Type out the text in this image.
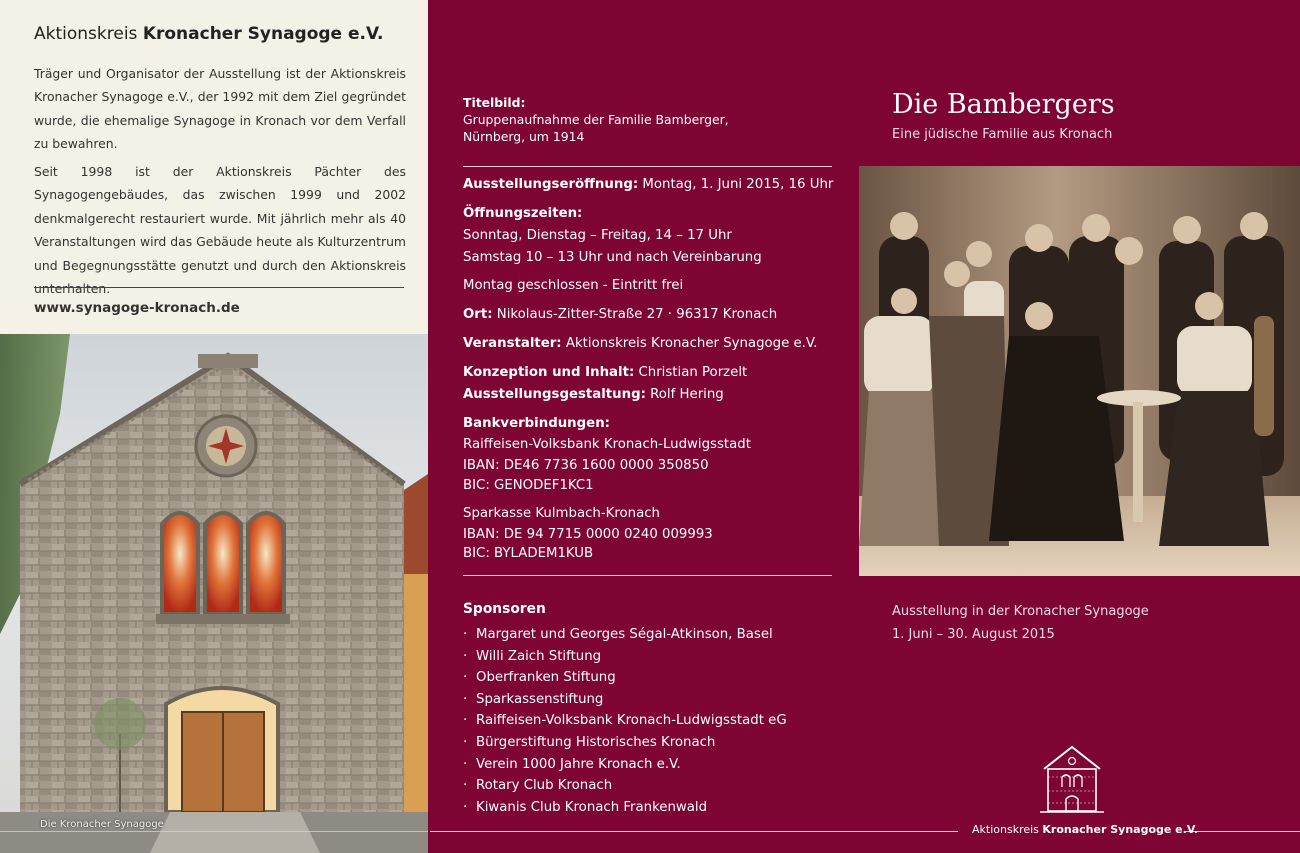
Aktionskreis Kronacher Synagoge e.V.
Träger und Organisator der Ausstellung ist der Aktionskreis Kronacher Synagoge e.V., der 1992 mit dem Ziel gegründet wurde, die ehemalige Synagoge in Kronach vor dem Verfall zu bewahren.
Seit 1998 ist der Aktionskreis Pächter des Synagogengebäudes, das zwischen 1999 und 2002 denkmalgerecht restauriert wurde. Mit jährlich mehr als 40 Veranstaltungen wird das Gebäude heute als Kulturzentrum und Begegnungsstätte genutzt und durch den Aktionskreis unterhalten.
www.synagoge-kronach.de
Die Kronacher Synagoge
Titelbild:
Gruppenaufnahme der Familie Bamberger,
Nürnberg, um 1914
Ausstellungseröffnung: Montag, 1. Juni 2015, 16 Uhr
Öffnungszeiten:
Sonntag, Dienstag – Freitag, 14 – 17 Uhr
Samstag 10 – 13 Uhr und nach Vereinbarung
Montag geschlossen - Eintritt frei
Ort: Nikolaus-Zitter-Straße 27 · 96317 Kronach
Veranstalter: Aktionskreis Kronacher Synagoge e.V.
Konzeption und Inhalt: Christian Porzelt
Ausstellungsgestaltung: Rolf Hering
Bankverbindungen:
Raiffeisen-Volksbank Kronach-Ludwigsstadt
IBAN: DE46 7736 1600 0000 350850
BIC: GENODEF1KC1
Sparkasse Kulmbach-Kronach
IBAN: DE 94 7715 0000 0240 009993
BIC: BYLADEM1KUB
Sponsoren
· Margaret und Georges Ségal-Atkinson, Basel
· Willi Zaich Stiftung
· Oberfranken Stiftung
· Sparkassenstiftung
· Raiffeisen-Volksbank Kronach-Ludwigsstadt eG
· Bürgerstiftung Historisches Kronach
· Verein 1000 Jahre Kronach e.V.
· Rotary Club Kronach
· Kiwanis Club Kronach Frankenwald
Die Bambergers
Eine jüdische Familie aus Kronach
Ausstellung in der Kronacher Synagoge
1. Juni – 30. August 2015
Aktionskreis Kronacher Synagoge e.V.
